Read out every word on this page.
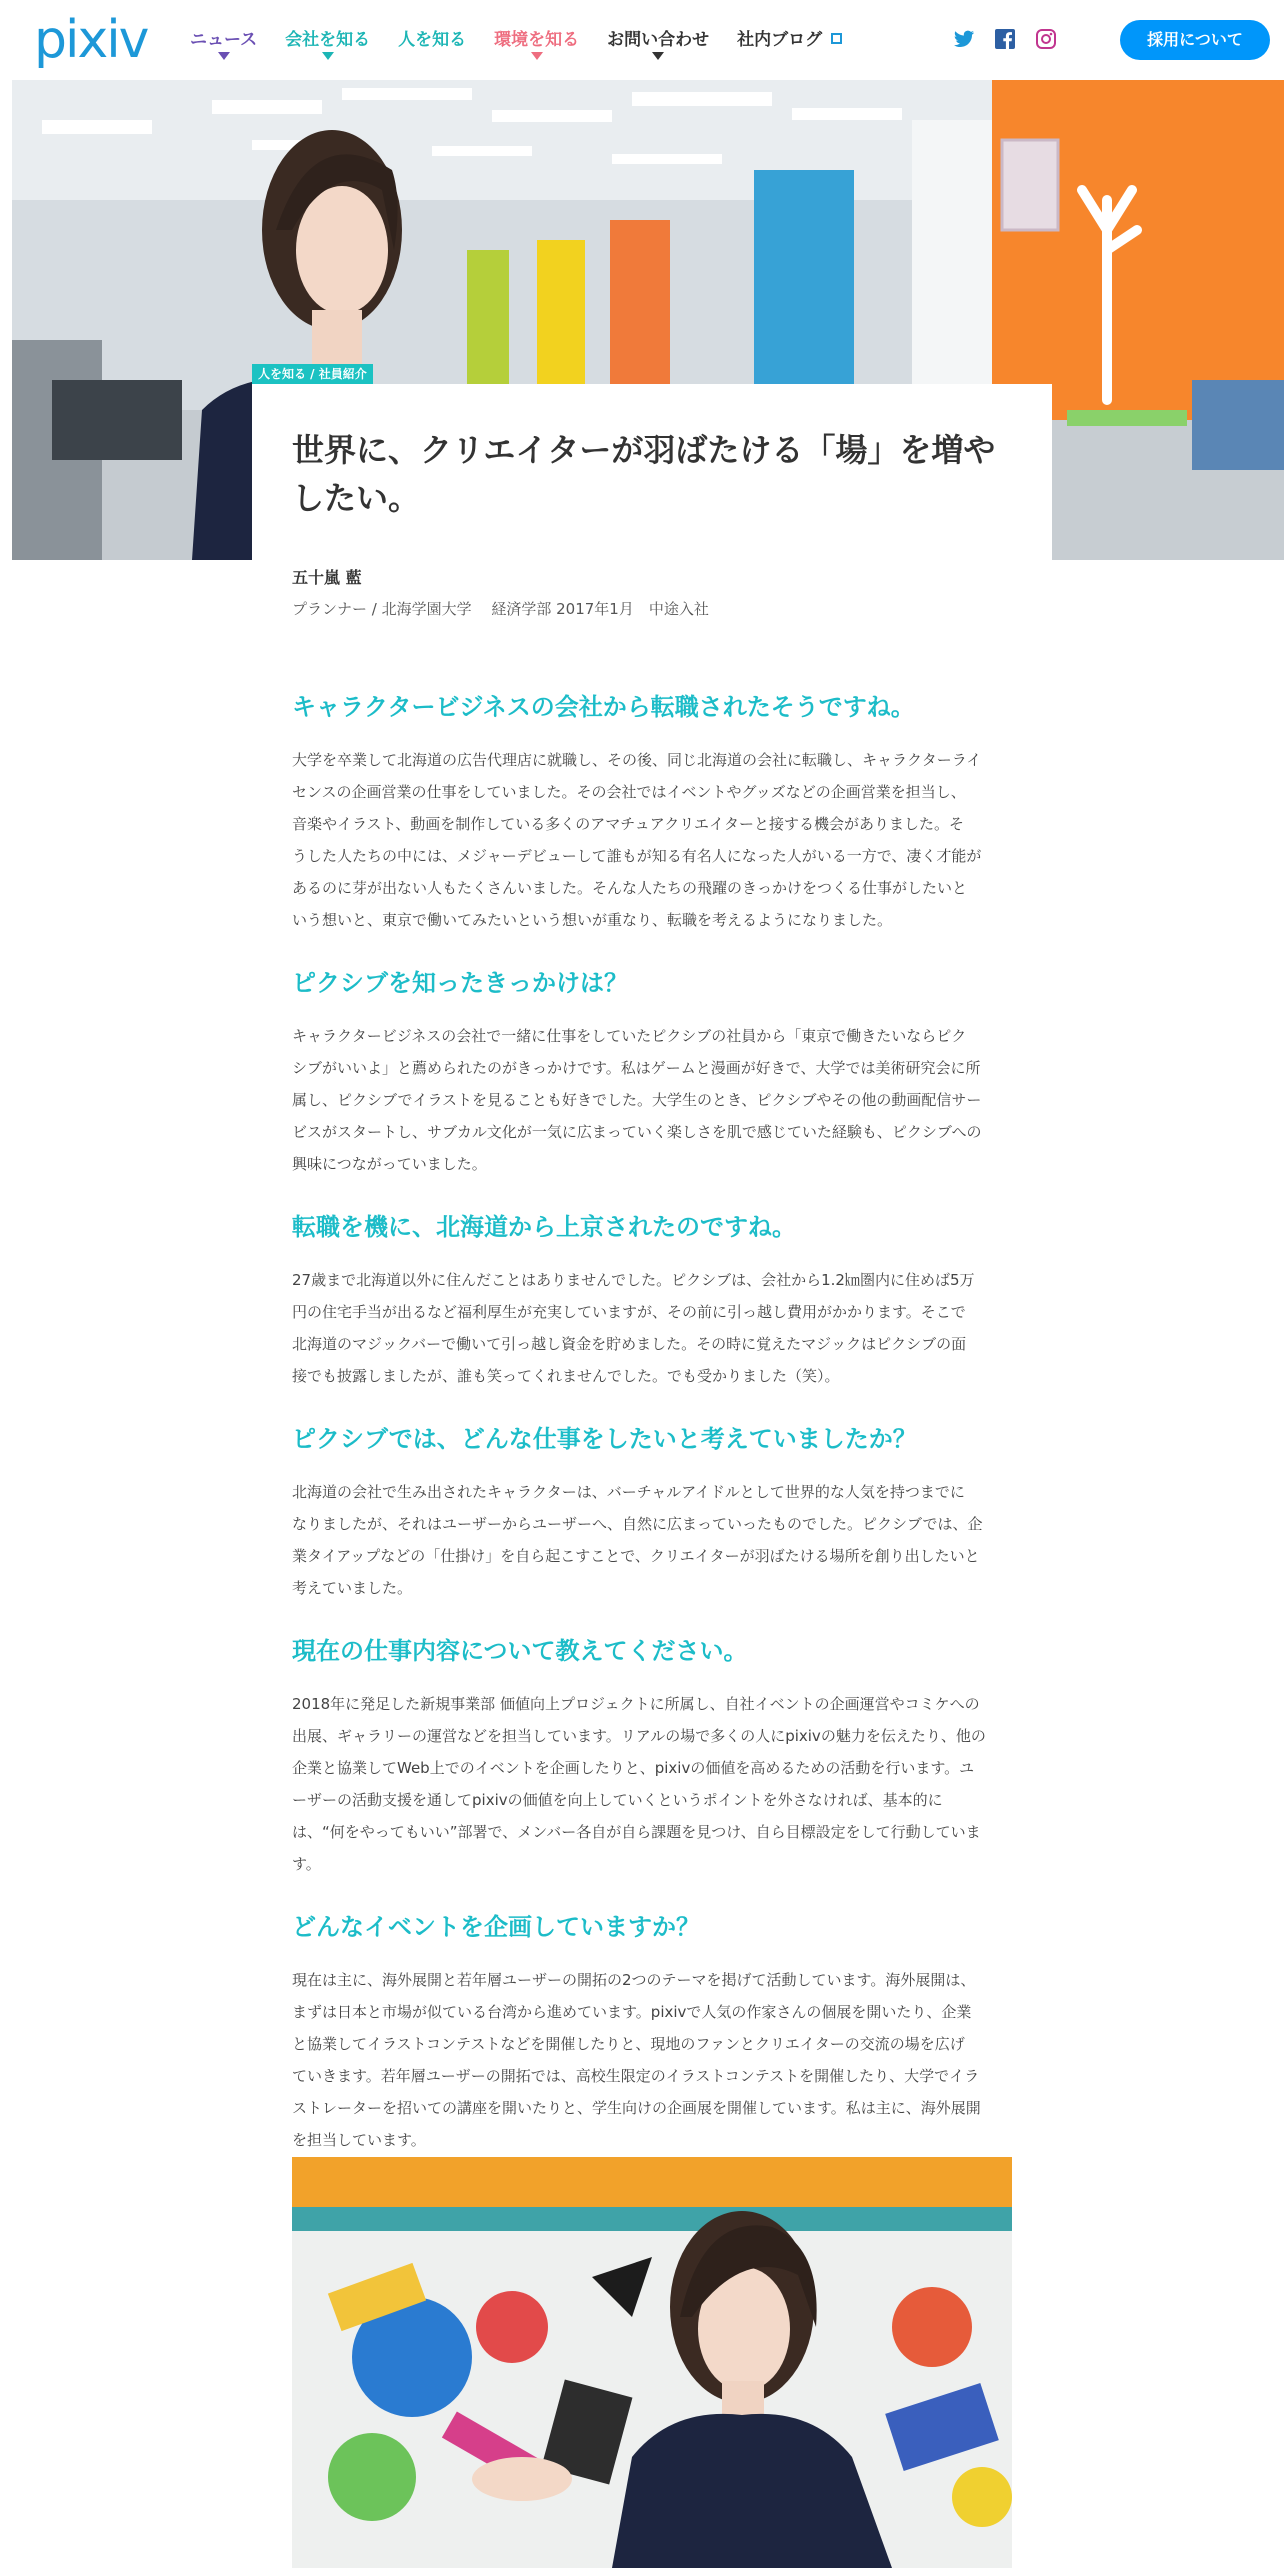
pixiv	ニュース 会社を知る 人を知る 環境を知る お問い合わせ 社内ブログ	採用について
人を知る / 社員紹介
世界に、クリエイターが羽ばたける「場」を増やしたい。
五十嵐 藍
プランナー / 北海学園大学　 経済学部 2017年1月　中途入社
キャラクタービジネスの会社から転職されたそうですね。

大学を卒業して北海道の広告代理店に就職し、その後、同じ北海道の会社に転職し、キャラクターライ
センスの企画営業の仕事をしていました。その会社ではイベントやグッズなどの企画営業を担当し、
音楽やイラスト、動画を制作している多くのアマチュアクリエイターと接する機会がありました。そ
うした人たちの中には、メジャーデビューして誰もが知る有名人になった人がいる一方で、凄く才能が
あるのに芽が出ない人もたくさんいました。そんな人たちの飛躍のきっかけをつくる仕事がしたいと
いう想いと、東京で働いてみたいという想いが重なり、転職を考えるようになりました。

ピクシブを知ったきっかけは？

キャラクタービジネスの会社で一緒に仕事をしていたピクシブの社員から「東京で働きたいならピク
シブがいいよ」と薦められたのがきっかけです。私はゲームと漫画が好きで、大学では美術研究会に所
属し、ピクシブでイラストを見ることも好きでした。大学生のとき、ピクシブやその他の動画配信サー
ビスがスタートし、サブカル文化が一気に広まっていく楽しさを肌で感じていた経験も、ピクシブへの
興味につながっていました。

転職を機に、北海道から上京されたのですね。

27歳まで北海道以外に住んだことはありませんでした。ピクシブは、会社から1.2㎞圏内に住めば5万
円の住宅手当が出るなど福利厚生が充実していますが、その前に引っ越し費用がかかります。そこで
北海道のマジックバーで働いて引っ越し資金を貯めました。その時に覚えたマジックはピクシブの面
接でも披露しましたが、誰も笑ってくれませんでした。でも受かりました（笑）。

ピクシブでは、どんな仕事をしたいと考えていましたか？

北海道の会社で生み出されたキャラクターは、バーチャルアイドルとして世界的な人気を持つまでに
なりましたが、それはユーザーからユーザーへ、自然に広まっていったものでした。ピクシブでは、企
業タイアップなどの「仕掛け」を自ら起こすことで、クリエイターが羽ばたける場所を創り出したいと
考えていました。

現在の仕事内容について教えてください。

2018年に発足した新規事業部 価値向上プロジェクトに所属し、自社イベントの企画運営やコミケへの
出展、ギャラリーの運営などを担当しています。リアルの場で多くの人にpixivの魅力を伝えたり、他の
企業と協業してWeb上でのイベントを企画したりと、pixivの価値を高めるための活動を行います。ユ
ーザーの活動支援を通してpixivの価値を向上していくというポイントを外さなければ、基本的に
は、“何をやってもいい”部署で、メンバー各自が自ら課題を見つけ、自ら目標設定をして行動していま
す。

どんなイベントを企画していますか？

現在は主に、海外展開と若年層ユーザーの開拓の2つのテーマを掲げて活動しています。海外展開は、
まずは日本と市場が似ている台湾から進めています。pixivで人気の作家さんの個展を開いたり、企業
と協業してイラストコンテストなどを開催したりと、現地のファンとクリエイターの交流の場を広げ
ていきます。若年層ユーザーの開拓では、高校生限定のイラストコンテストを開催したり、大学でイラ
ストレーターを招いての講座を開いたりと、学生向けの企画展を開催しています。私は主に、海外展開
を担当しています。
